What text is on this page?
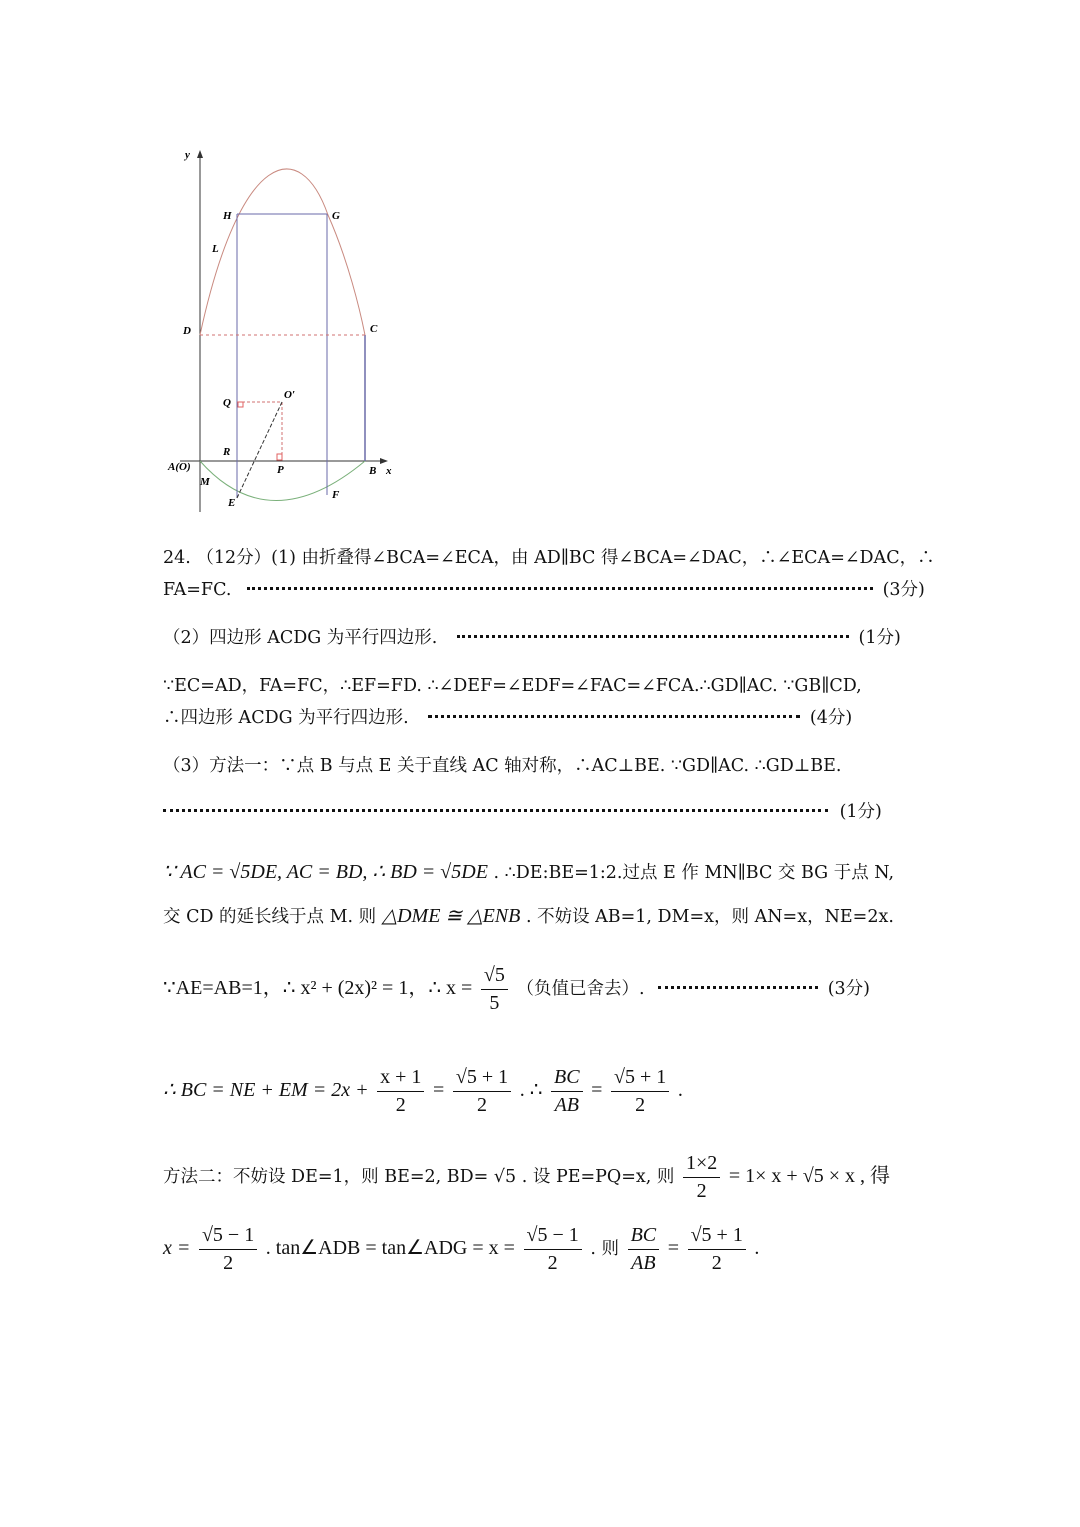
y
x
H	G
L
D	C
Q
O′
R
A(O)
M
P	B
E
F
24. （12分）(1) 由折叠得∠BCA=∠ECA，由 AD∥BC 得∠BCA=∠DAC，∴∠ECA=∠DAC，∴
FA=FC.	(3分)
（2）四边形 ACDG 为平行四边形.	(1分)
∵EC=AD，FA=FC，∴EF=FD. ∴∠DEF=∠EDF=∠FAC=∠FCA.∴GD∥AC. ∵GB∥CD,
∴四边形 ACDG 为平行四边形.	(4分)
（3）方法一：∵点 B 与点 E 关于直线 AC 轴对称，∴AC⊥BE. ∵GD∥AC. ∴GD⊥BE.
(1分)
∵ AC = √5DE, AC = BD, ∴ BD = √5DE . ∴DE:BE=1:2.过点 E 作 MN∥BC 交 BG 于点 N,
交 CD 的延长线于点 M. 则 △DME ≅ △ENB . 不妨设 AB=1, DM=x，则 AN=x，NE=2x.
∵AE=AB=1，∴ x² + (2x)² = 1，∴ $x = \frac{√5}{5}$ （负值已舍去）.	(3分)
∴ BC = NE + EM = $2x + \frac{x + 1}{2} = \frac{√5 + 1}{2}$ . ∴ $\frac{BC}{AB} = \frac{√5 + 1}{2}$ .
方法二：不妨设 DE=1，则 BE=2, BD= √5 . 设 PE=PQ=x, 则 $\frac{1\times 2}{2} = 1\times x + √5 \times x$ , 得
$x = \frac{√5 - 1}{2}$ . tan∠ADB = tan∠ADG = $x = \frac{√5 - 1}{2}$ . 则 $\frac{BC}{AB} = \frac{√5 + 1}{2}$ .
